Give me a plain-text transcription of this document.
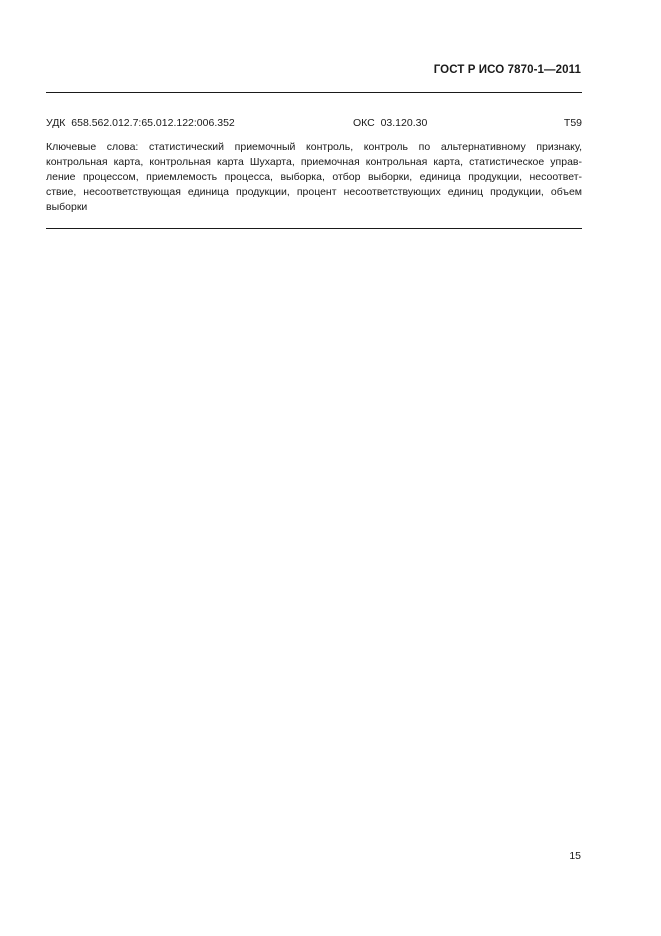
ГОСТ Р ИСО 7870-1—2011
УДК  658.562.012.7:65.012.122:006.352	ОКС  03.120.30	Т59
Ключевые слова: статистический приемочный контроль, контроль по альтернативному признаку,
контрольная карта, контрольная карта Шухарта, приемочная контрольная карта, статистическое управ-
ление процессом, приемлемость процесса, выборка, отбор выборки, единица продукции, несоответ-
ствие, несоответствующая единица продукции, процент несоответствующих единиц продукции, объем
выборки
15
